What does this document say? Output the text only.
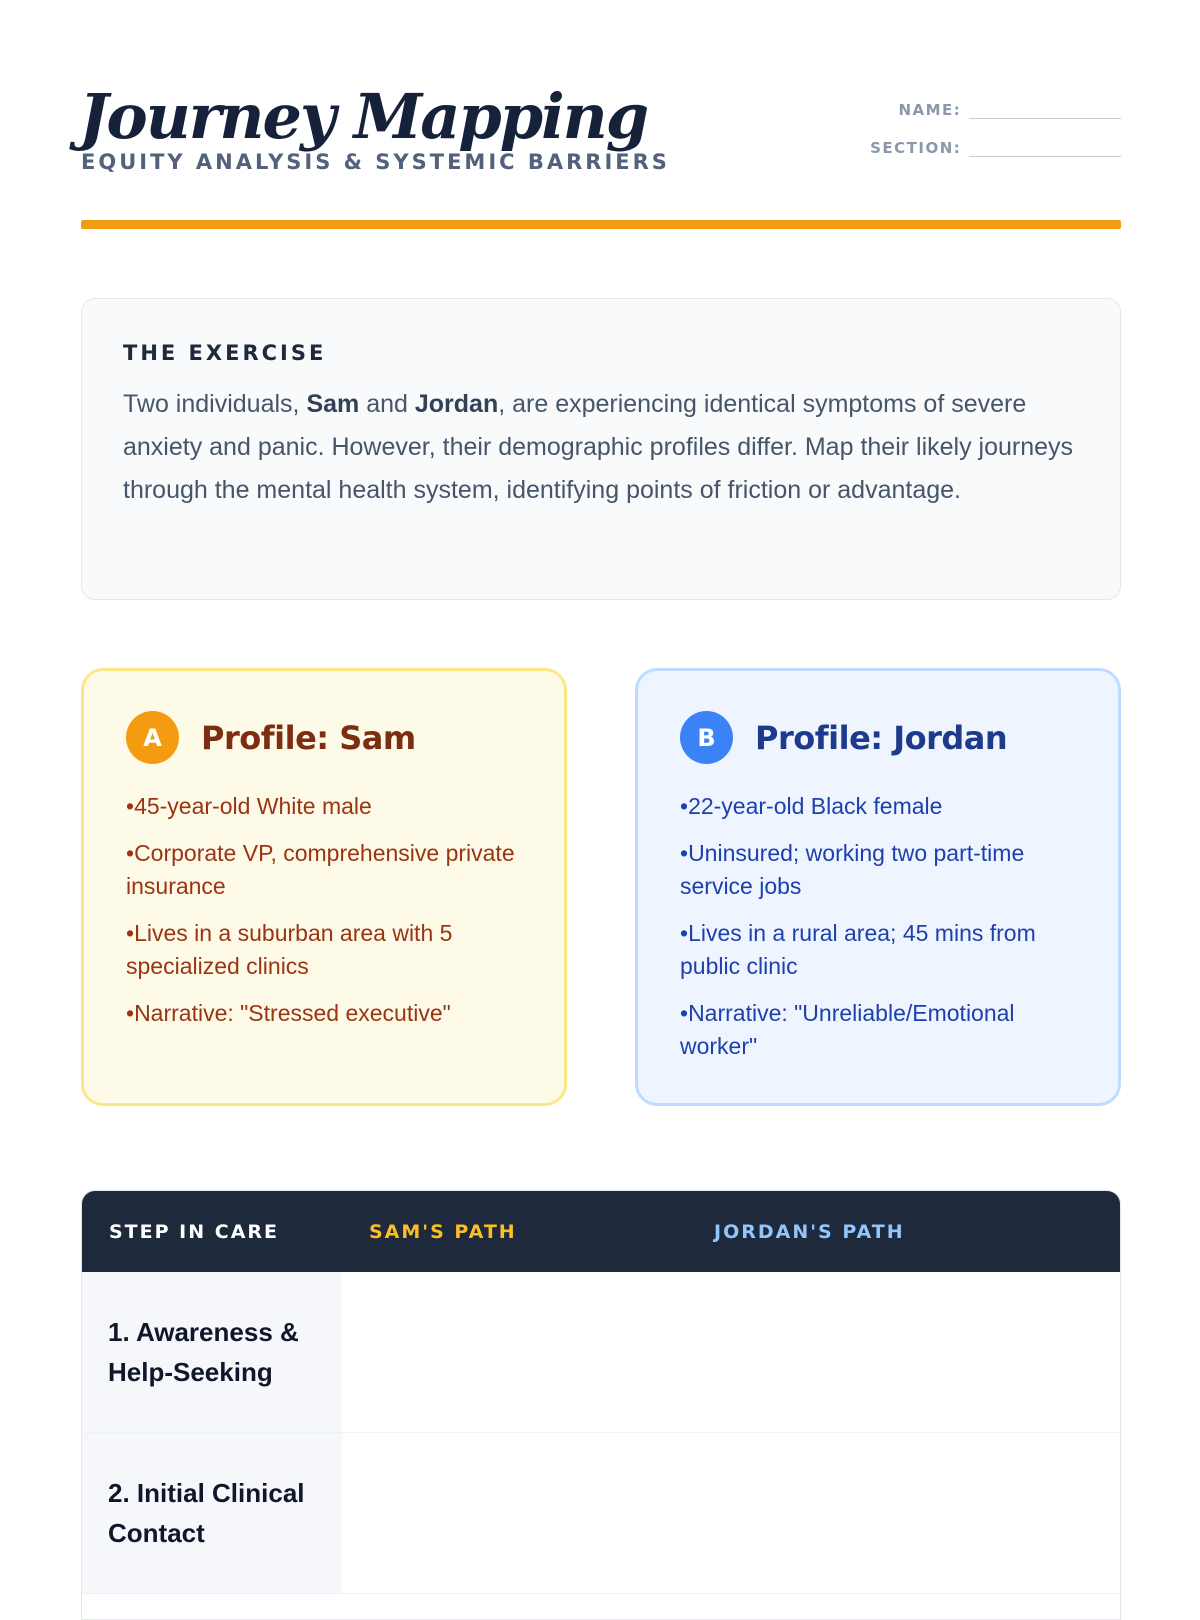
Journey Mapping
EQUITY ANALYSIS & SYSTEMIC BARRIERS
NAME: __________________
SECTION: __________________
THE EXERCISE

Two individuals, Sam and Jordan, are experiencing identical symptoms of severe anxiety and panic. However, their demographic profiles differ. Map their likely journeys through the mental health system, identifying points of friction or advantage.

A	Profile: Sam
• 45-year-old White male
• Corporate VP, comprehensive private insurance
• Lives in a suburban area with 5 specialized clinics
• Narrative: "Stressed executive"
B	Profile: Jordan
• 22-year-old Black female
• Uninsured; working two part-time service jobs
• Lives in a rural area; 45 mins from public clinic
• Narrative: "Unreliable/Emotional worker"
STEP IN CARE	SAM'S PATH	JORDAN'S PATH
1. Awareness & Help-Seeking
2. Initial Clinical Contact
